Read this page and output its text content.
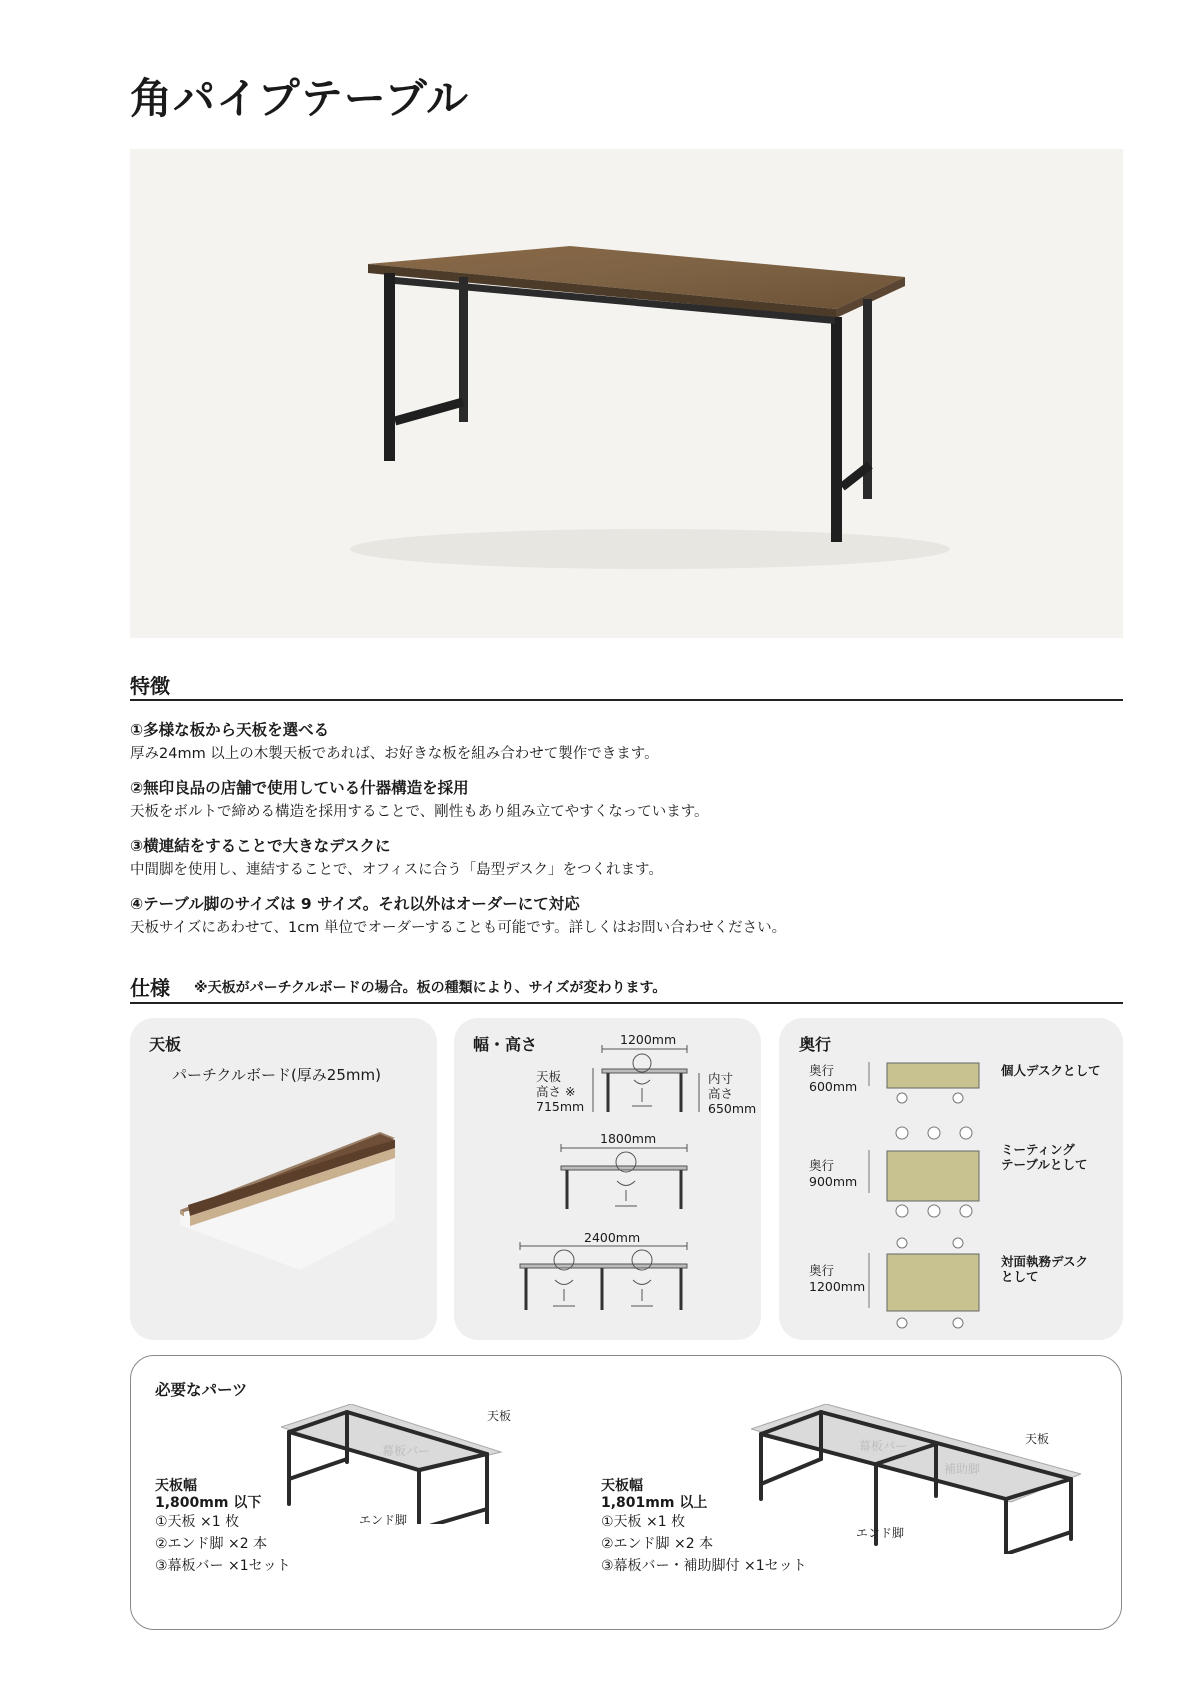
角パイプテーブル
特徴
①多様な板から天板を選べる
厚み24mm 以上の木製天板であれば、お好きな板を組み合わせて製作できます。
②無印良品の店舗で使用している什器構造を採用
天板をボルトで締める構造を採用することで、剛性もあり組み立てやすくなっています。
③横連結をすることで大きなデスクに
中間脚を使用し、連結することで、オフィスに合う「島型デスク」をつくれます。
④テーブル脚のサイズは 9 サイズ。それ以外はオーダーにて対応
天板サイズにあわせて、1cm 単位でオーダーすることも可能です。詳しくはお問い合わせください。
仕様 ※天板がパーチクルボードの場合。板の種類により、サイズが変わります。
天板
パーチクルボード(厚み25mm)
幅・高さ	1200mm
天板
高さ ※
715mm
内寸
高さ
650mm
1800mm
2400mm
奥行
奥行
600mm
個人デスクとして
奥行
900mm
ミーティング
テーブルとして
奥行
1200mm
対面執務デスク
として
必要なパーツ
天板幅
1,800mm 以下
①天板 ×1 枚
②エンド脚 ×2 本
③幕板バー ×1セット
天板
エンド脚
天板幅
1,801mm 以上
①天板 ×1 枚
②エンド脚 ×2 本
③幕板バー・補助脚付 ×1セット
天板
エンド脚
